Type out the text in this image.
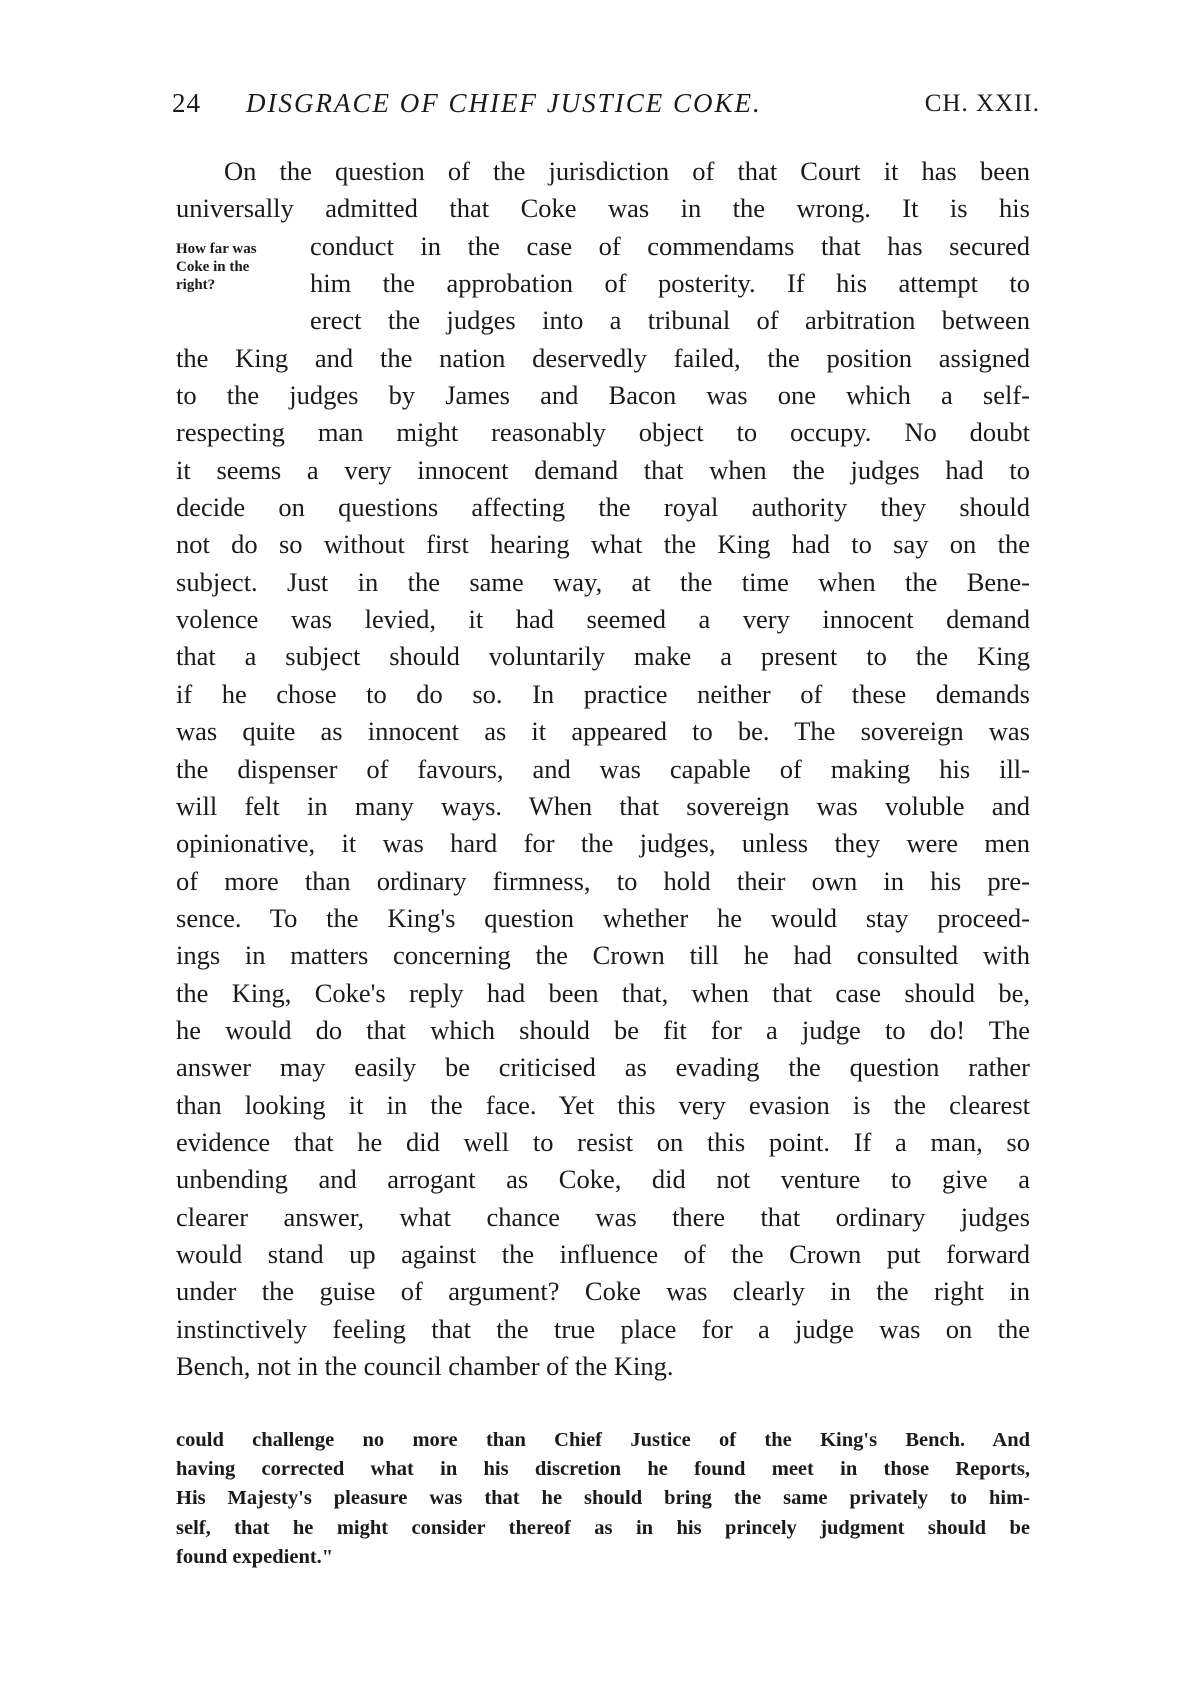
24 DISGRACE OF CHIEF JUSTICE COKE.	CH. XXII.
How far was
Coke in the
right?
On the question of the jurisdiction of that Court it has been
universally admitted that Coke was in the wrong. It is his
conduct in the case of commendams that has secured
him the approbation of posterity. If his attempt to
erect the judges into a tribunal of arbitration between
the King and the nation deservedly failed, the position assigned
to the judges by James and Bacon was one which a self-
respecting man might reasonably object to occupy. No doubt
it seems a very innocent demand that when the judges had to
decide on questions affecting the royal authority they should
not do so without first hearing what the King had to say on the
subject. Just in the same way, at the time when the Bene-
volence was levied, it had seemed a very innocent demand
that a subject should voluntarily make a present to the King
if he chose to do so. In practice neither of these demands
was quite as innocent as it appeared to be. The sovereign was
the dispenser of favours, and was capable of making his ill-
will felt in many ways. When that sovereign was voluble and
opinionative, it was hard for the judges, unless they were men
of more than ordinary firmness, to hold their own in his pre-
sence. To the King's question whether he would stay proceed-
ings in matters concerning the Crown till he had consulted with
the King, Coke's reply had been that, when that case should be,
he would do that which should be fit for a judge to do! The
answer may easily be criticised as evading the question rather
than looking it in the face. Yet this very evasion is the clearest
evidence that he did well to resist on this point. If a man, so
unbending and arrogant as Coke, did not venture to give a
clearer answer, what chance was there that ordinary judges
would stand up against the influence of the Crown put forward
under the guise of argument? Coke was clearly in the right in
instinctively feeling that the true place for a judge was on the
Bench, not in the council chamber of the King.
could challenge no more than Chief Justice of the King's Bench. And
having corrected what in his discretion he found meet in those Reports,
His Majesty's pleasure was that he should bring the same privately to him-
self, that he might consider thereof as in his princely judgment should be
found expedient."
